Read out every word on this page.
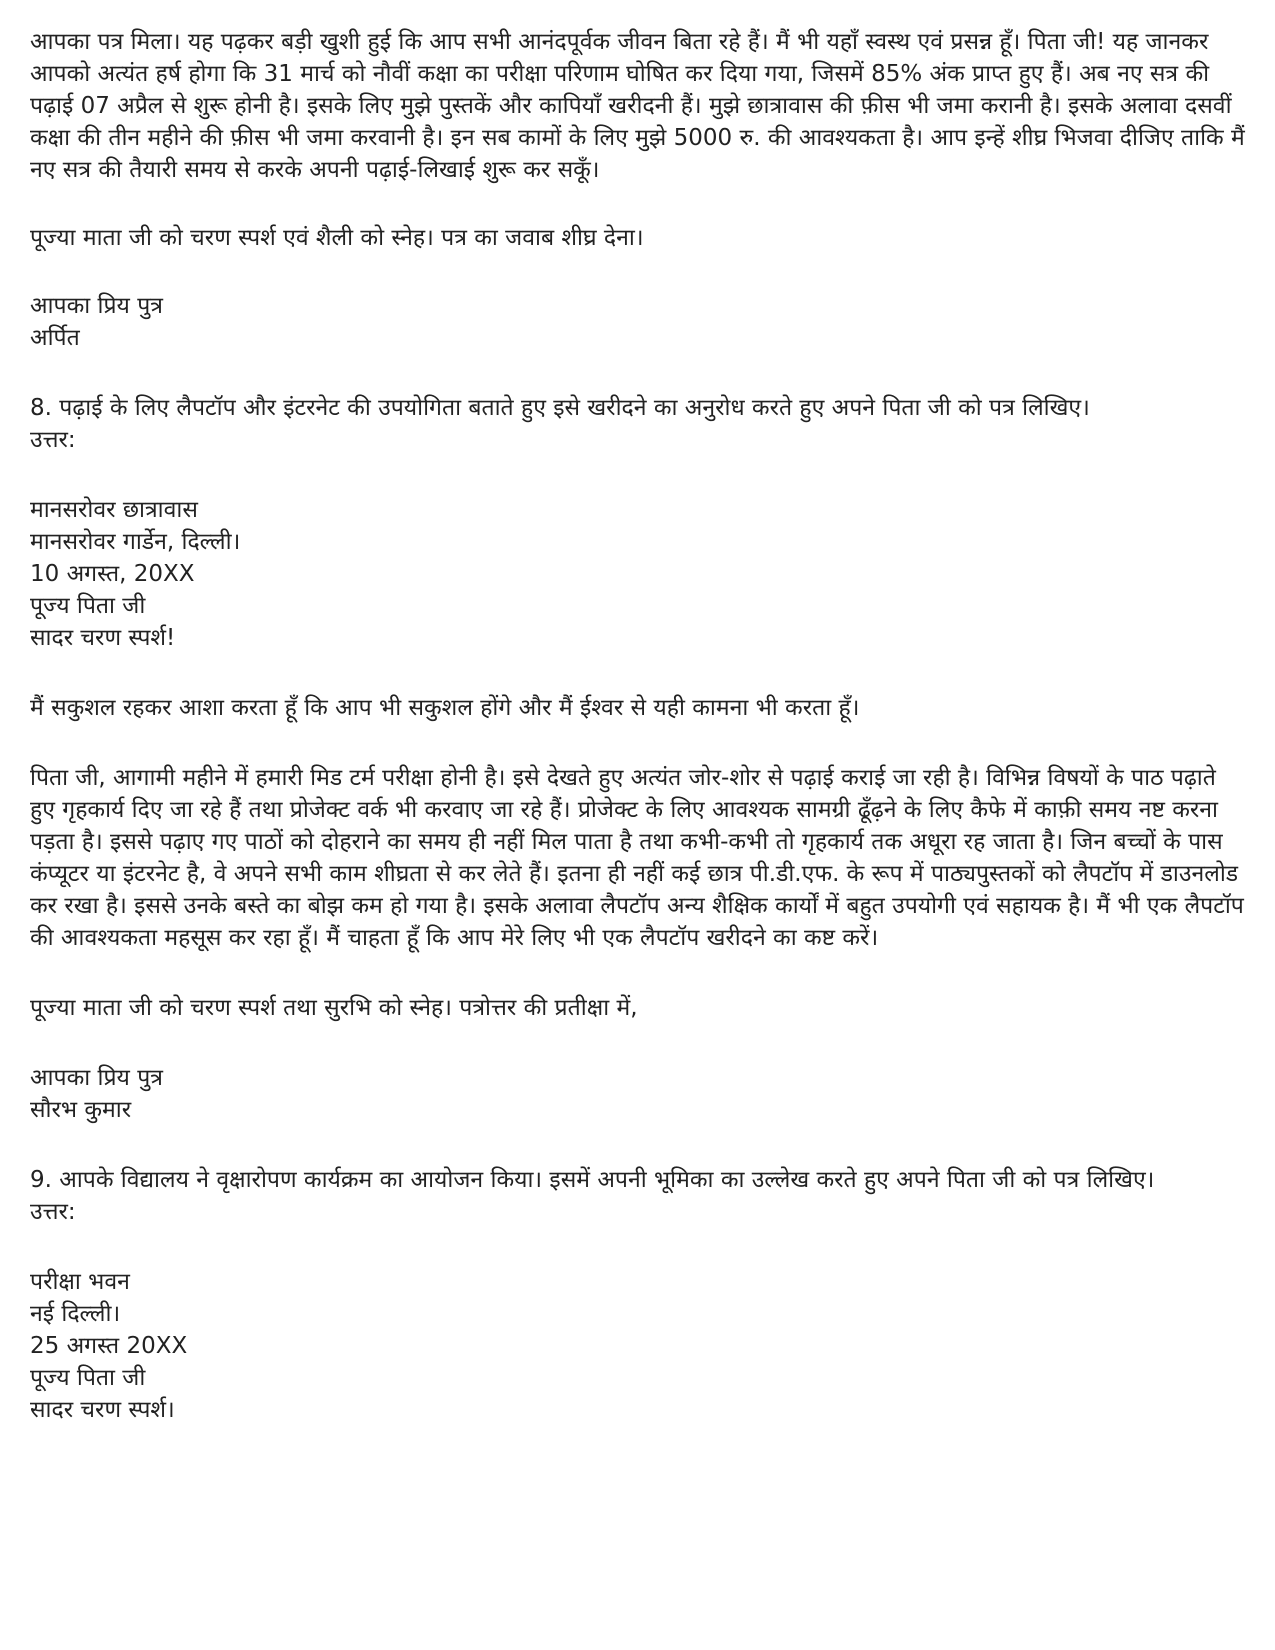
आपका पत्र मिला। यह पढ़कर बड़ी खुशी हुई कि आप सभी आनंदपूर्वक जीवन बिता रहे हैं। मैं भी यहाँ स्वस्थ एवं प्रसन्न हूँ। पिता जी! यह जानकर आपको अत्यंत हर्ष होगा कि 31 मार्च को नौवीं कक्षा का परीक्षा परिणाम घोषित कर दिया गया, जिसमें 85% अंक प्राप्त हुए हैं। अब नए सत्र की पढ़ाई 07 अप्रैल से शुरू होनी है। इसके लिए मुझे पुस्तकें और कापियाँ खरीदनी हैं। मुझे छात्रावास की फ़ीस भी जमा करानी है। इसके अलावा दसवीं कक्षा की तीन महीने की फ़ीस भी जमा करवानी है। इन सब कामों के लिए मुझे 5000 रु. की आवश्यकता है। आप इन्हें शीघ्र भिजवा दीजिए ताकि मैं नए सत्र की तैयारी समय से करके अपनी पढ़ाई-लिखाई शुरू कर सकूँ।

पूज्या माता जी को चरण स्पर्श एवं शैली को स्नेह। पत्र का जवाब शीघ्र देना।

आपका प्रिय पुत्र

अर्पित

8. पढ़ाई के लिए लैपटॉप और इंटरनेट की उपयोगिता बताते हुए इसे खरीदने का अनुरोध करते हुए अपने पिता जी को पत्र लिखिए।

उत्तर:

मानसरोवर छात्रावास

मानसरोवर गार्डेन, दिल्ली।

10 अगस्त, 20XX

पूज्य पिता जी

सादर चरण स्पर्श!

मैं सकुशल रहकर आशा करता हूँ कि आप भी सकुशल होंगे और मैं ईश्वर से यही कामना भी करता हूँ।

पिता जी, आगामी महीने में हमारी मिड टर्म परीक्षा होनी है। इसे देखते हुए अत्यंत जोर-शोर से पढ़ाई कराई जा रही है। विभिन्न विषयों के पाठ पढ़ाते हुए गृहकार्य दिए जा रहे हैं तथा प्रोजेक्ट वर्क भी करवाए जा रहे हैं। प्रोजेक्ट के लिए आवश्यक सामग्री ढूँढ़ने के लिए कैफे में काफ़ी समय नष्ट करना पड़ता है। इससे पढ़ाए गए पाठों को दोहराने का समय ही नहीं मिल पाता है तथा कभी-कभी तो गृहकार्य तक अधूरा रह जाता है। जिन बच्चों के पास कंप्यूटर या इंटरनेट है, वे अपने सभी काम शीघ्रता से कर लेते हैं। इतना ही नहीं कई छात्र पी.डी.एफ. के रूप में पाठ्यपुस्तकों को लैपटॉप में डाउनलोड कर रखा है। इससे उनके बस्ते का बोझ कम हो गया है। इसके अलावा लैपटॉप अन्य शैक्षिक कार्यों में बहुत उपयोगी एवं सहायक है। मैं भी एक लैपटॉप की आवश्यकता महसूस कर रहा हूँ। मैं चाहता हूँ कि आप मेरे लिए भी एक लैपटॉप खरीदने का कष्ट करें।

पूज्या माता जी को चरण स्पर्श तथा सुरभि को स्नेह। पत्रोत्तर की प्रतीक्षा में,

आपका प्रिय पुत्र

सौरभ कुमार

9. आपके विद्यालय ने वृक्षारोपण कार्यक्रम का आयोजन किया। इसमें अपनी भूमिका का उल्लेख करते हुए अपने पिता जी को पत्र लिखिए।

उत्तर:

परीक्षा भवन

नई दिल्ली।

25 अगस्त 20XX

पूज्य पिता जी

सादर चरण स्पर्श।
